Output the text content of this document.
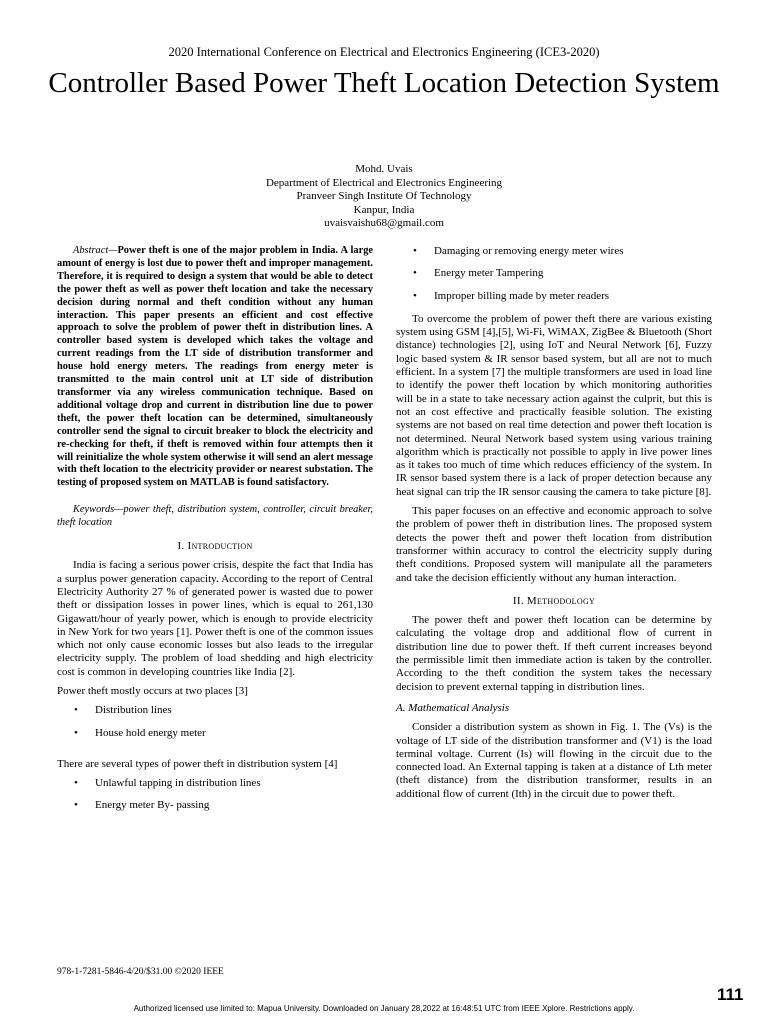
2020 International Conference on Electrical and Electronics Engineering (ICE3-2020)
Controller Based Power Theft Location Detection System
Mohd. Uvais
Department of Electrical and Electronics Engineering
Pranveer Singh Institute Of Technology
Kanpur, India
uvaisvaishu68@gmail.com

Abstract—Power theft is one of the major problem in India. A large amount of energy is lost due to power theft and improper management. Therefore, it is required to design a system that would be able to detect the power theft as well as power theft location and take the necessary decision during normal and theft condition without any human interaction. This paper presents an efficient and cost effective approach to solve the problem of power theft in distribution lines. A controller based system is developed which takes the voltage and current readings from the LT side of distribution transformer and house hold energy meters. The readings from energy meter is transmitted to the main control unit at LT side of distribution transformer via any wireless communication technique. Based on additional voltage drop and current in distribution line due to power theft, the power theft location can be determined, simultaneously controller send the signal to circuit breaker to block the electricity and re-checking for theft, if theft is removed within four attempts then it will reinitialize the whole system otherwise it will send an alert message with theft location to the electricity provider or nearest substation. The testing of proposed system on MATLAB is found satisfactory.

Keywords—power theft, distribution system, controller, circuit breaker, theft location

I. Introduction

India is facing a serious power crisis, despite the fact that India has a surplus power generation capacity. According to the report of Central Electricity Authority 27 % of generated power is wasted due to power theft or dissipation losses in power lines, which is equal to 261,130 Gigawatt/hour of yearly power, which is enough to provide electricity in New York for two years [1]. Power theft is one of the common issues which not only cause economic losses but also leads to the irregular electricity supply. The problem of load shedding and high electricity cost is common in developing countries like India [2].

Power theft mostly occurs at two places [3]

• Distribution lines
• House hold energy meter

There are several types of power theft in distribution system [4]

• Unlawful tapping in distribution lines
• Energy meter By- passing
• Damaging or removing energy meter wires
• Energy meter Tampering
• Improper billing made by meter readers

To overcome the problem of power theft there are various existing system using GSM [4],[5], Wi-Fi, WiMAX, ZigBee & Bluetooth (Short distance) technologies [2], using IoT and Neural Network [6], Fuzzy logic based system & IR sensor based system, but all are not to much efficient. In a system [7] the multiple transformers are used in load line to identify the power theft location by which monitoring authorities will be in a state to take necessary action against the culprit, but this is not an cost effective and practically feasible solution. The existing systems are not based on real time detection and power theft location is not determined. Neural Network based system using various training algorithm which is practically not possible to apply in live power lines as it takes too much of time which reduces efficiency of the system. In IR sensor based system there is a lack of proper detection because any heat signal can trip the IR sensor causing the camera to take picture [8].

This paper focuses on an effective and economic approach to solve the problem of power theft in distribution lines. The proposed system detects the power theft and power theft location from distribution transformer within accuracy to control the electricity supply during theft conditions. Proposed system will manipulate all the parameters and take the decision efficiently without any human interaction.

II. Methodology

The power theft and power theft location can be determine by calculating the voltage drop and additional flow of current in distribution line due to power theft. If theft current increases beyond the permissible limit then immediate action is taken by the controller. According to the theft condition the system takes the necessary decision to prevent external tapping in distribution lines.

A. Mathematical Analysis

Consider a distribution system as shown in Fig. 1. The (Vs) is the voltage of LT side of the distribution transformer and (V1) is the load terminal voltage. Current (Is) will flowing in the circuit due to the connected load. An External tapping is taken at a distance of Lth meter (theft distance) from the distribution transformer, results in an additional flow of current (Ith) in the circuit due to power theft.

978-1-7281-5846-4/20/$31.00 ©2020 IEEE
111
Authorized licensed use limited to: Mapua University. Downloaded on January 28,2022 at 16:48:51 UTC from IEEE Xplore. Restrictions apply.
